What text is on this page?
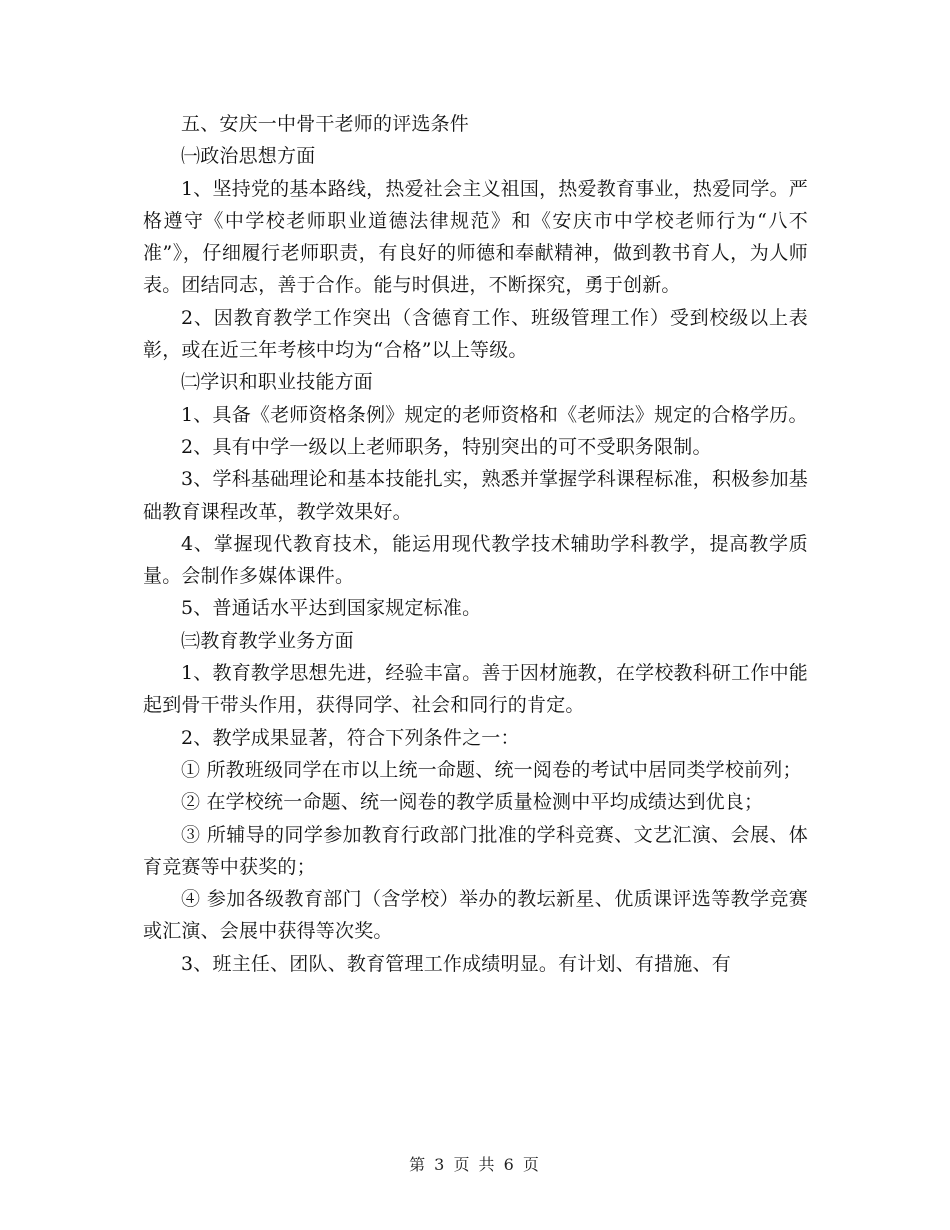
五、安庆一中骨干老师的评选条件

㈠政治思想方面

1、坚持党的基本路线，热爱社会主义祖国，热爱教育事业，热爱同学。严格遵守《中学校老师职业道德法律规范》和《安庆市中学校老师行为“八不准”》，仔细履行老师职责，有良好的师德和奉献精神，做到教书育人，为人师表。团结同志，善于合作。能与时俱进，不断探究，勇于创新。

2、因教育教学工作突出（含德育工作、班级管理工作）受到校级以上表彰，或在近三年考核中均为“合格”以上等级。

㈡学识和职业技能方面

1、具备《老师资格条例》规定的老师资格和《老师法》规定的合格学历。

2、具有中学一级以上老师职务，特别突出的可不受职务限制。

3、学科基础理论和基本技能扎实，熟悉并掌握学科课程标准，积极参加基础教育课程改革，教学效果好。

4、掌握现代教育技术，能运用现代教学技术辅助学科教学，提高教学质量。会制作多媒体课件。

5、普通话水平达到国家规定标准。

㈢教育教学业务方面

1、教育教学思想先进，经验丰富。善于因材施教，在学校教科研工作中能起到骨干带头作用，获得同学、社会和同行的肯定。

2、教学成果显著，符合下列条件之一：

① 所教班级同学在市以上统一命题、统一阅卷的考试中居同类学校前列；

② 在学校统一命题、统一阅卷的教学质量检测中平均成绩达到优良；

③ 所辅导的同学参加教育行政部门批准的学科竞赛、文艺汇演、会展、体育竞赛等中获奖的；

④ 参加各级教育部门（含学校）举办的教坛新星、优质课评选等教学竞赛或汇演、会展中获得等次奖。

3、班主任、团队、教育管理工作成绩明显。有计划、有措施、有

第 3 页 共 6 页
